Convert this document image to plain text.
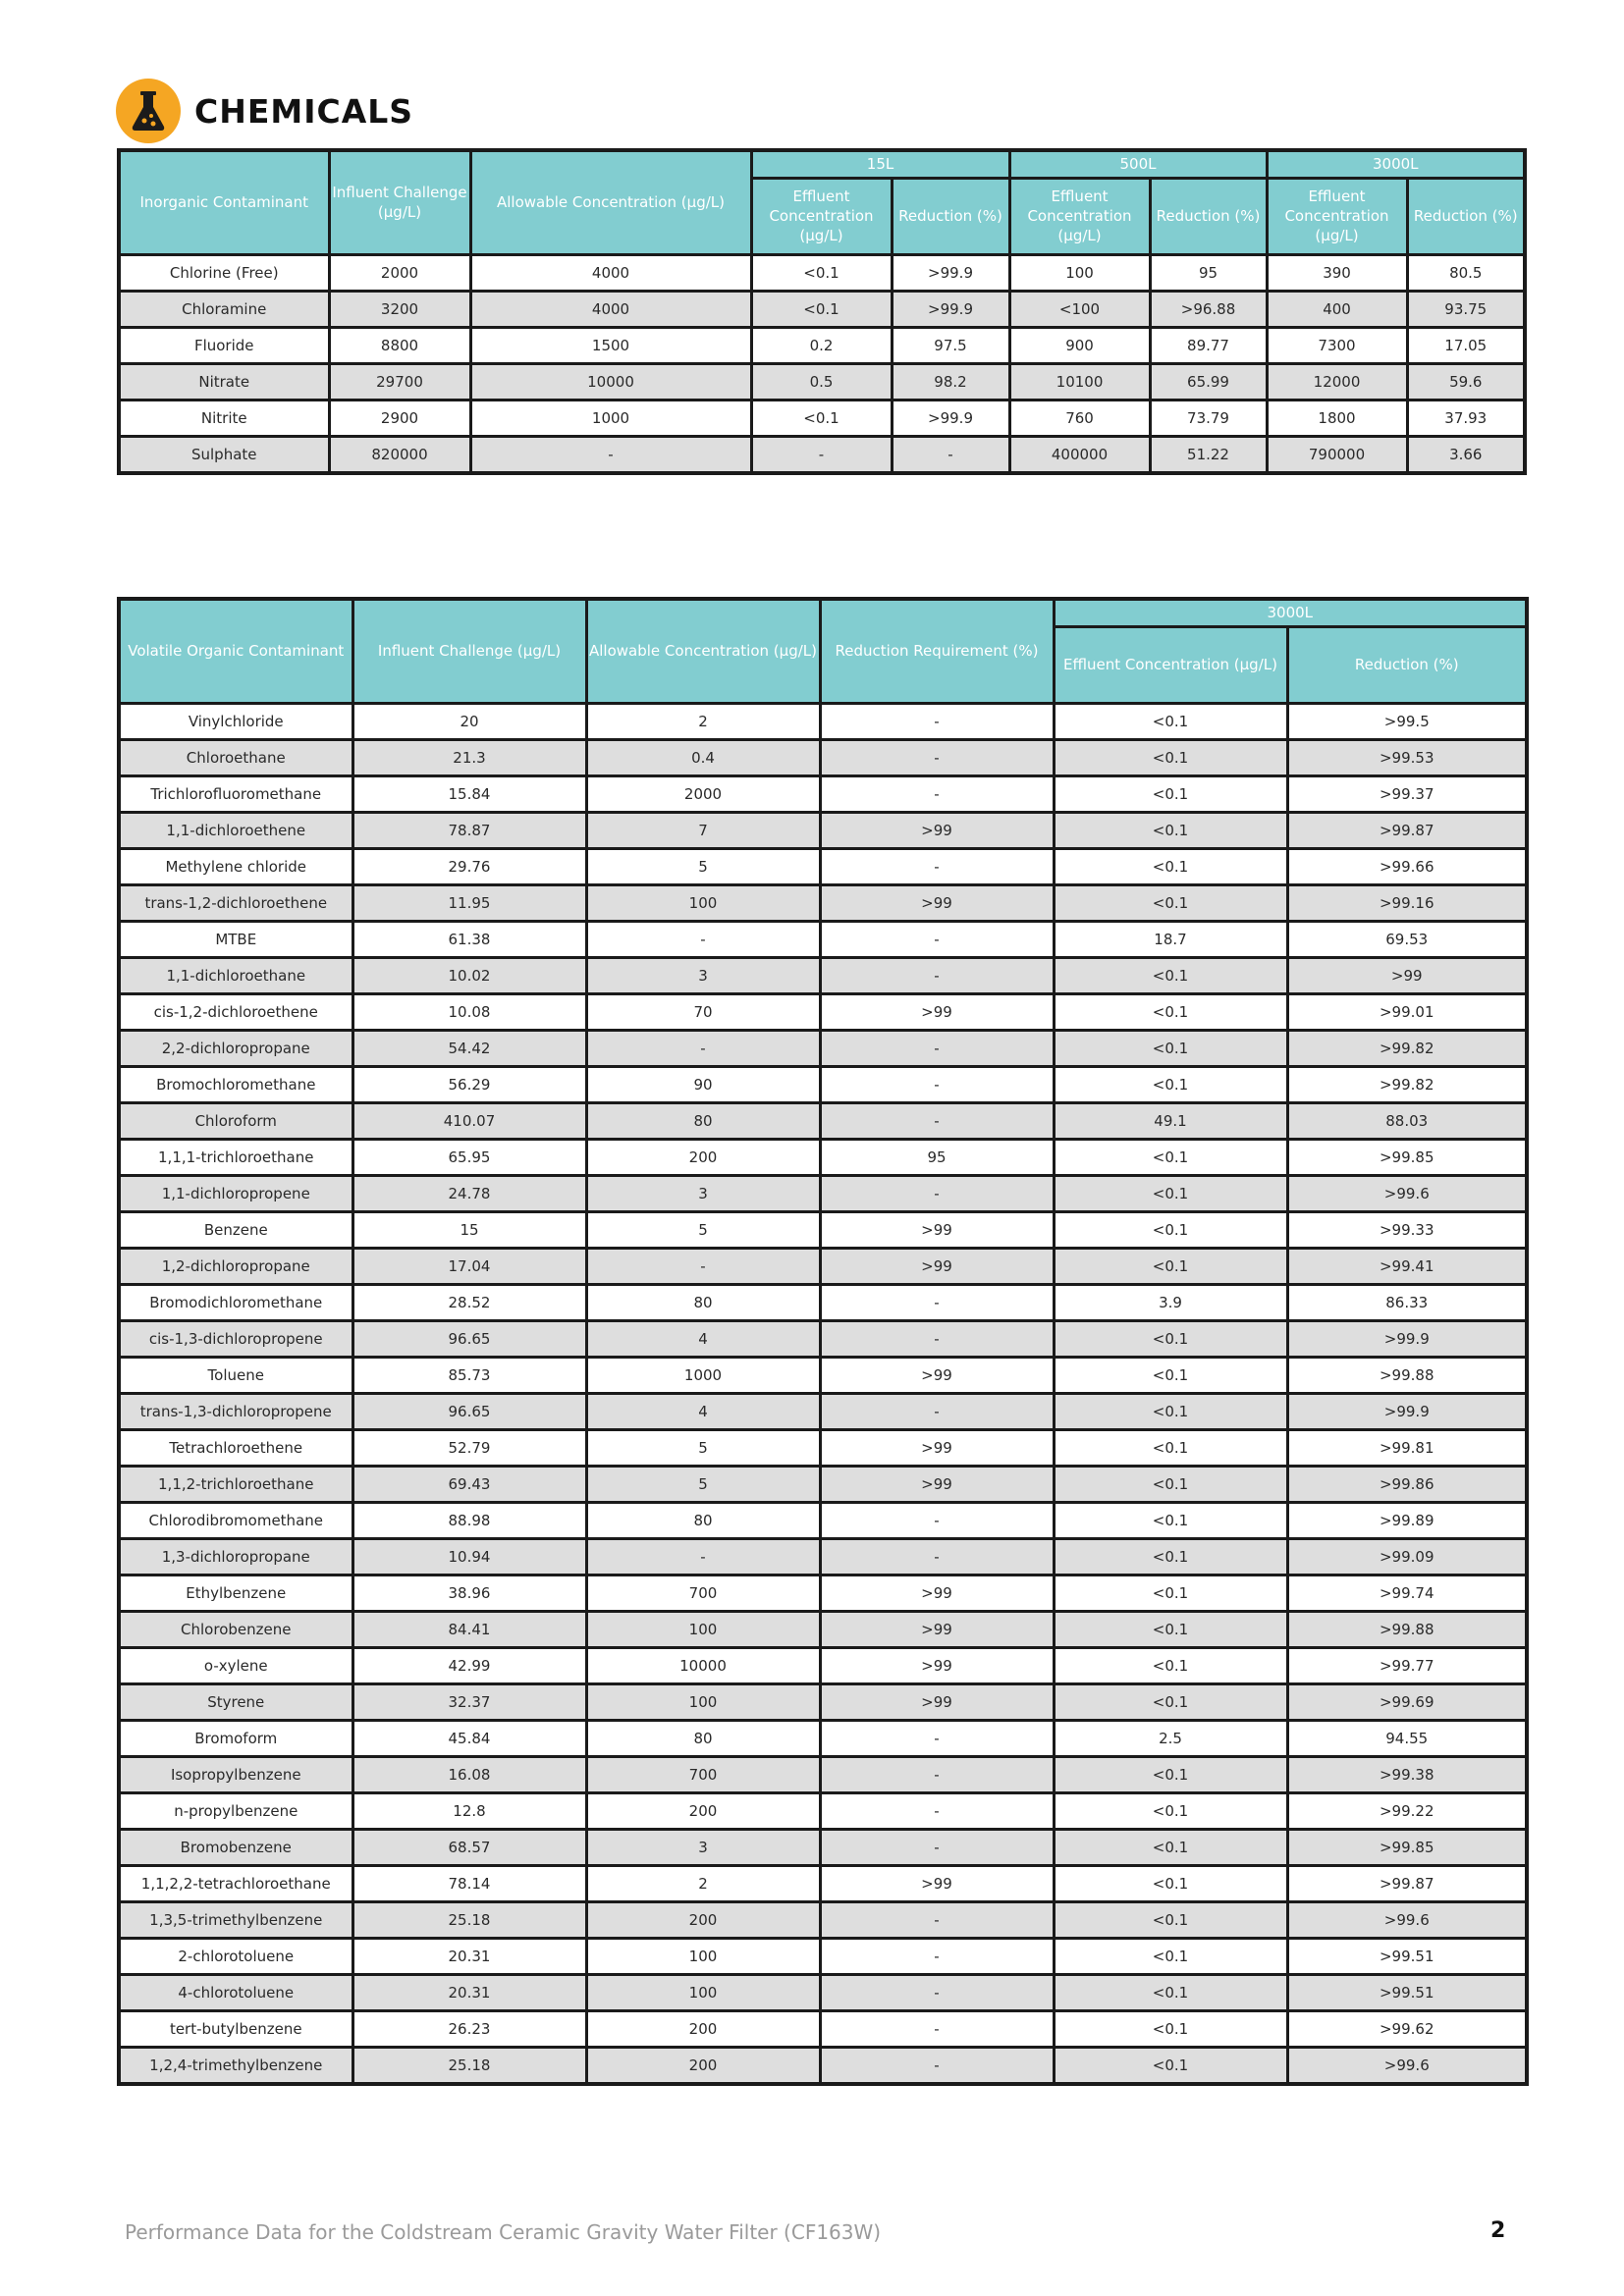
CHEMICALS
Inorganic Contaminant	Influent Challenge (µg/L)	Allowable Concentration (µg/L)	15L		500L		3000L	
			Effluent Concentration (µg/L)	Reduction (%)	Effluent Concentration (µg/L)	Reduction (%)	Effluent Concentration (µg/L)	Reduction (%)
Chlorine (Free)	2000	4000	<0.1	>99.9	100	95	390	80.5
Chloramine	3200	4000	<0.1	>99.9	<100	>96.88	400	93.75
Fluoride	8800	1500	0.2	97.5	900	89.77	7300	17.05
Nitrate	29700	10000	0.5	98.2	10100	65.99	12000	59.6
Nitrite	2900	1000	<0.1	>99.9	760	73.79	1800	37.93
Sulphate	820000	-	-	-	400000	51.22	790000	3.66
Volatile Organic Contaminant	Influent Challenge (µg/L)	Allowable Concentration (µg/L)	Reduction Requirement (%)	3000L	
				Effluent Concentration (µg/L)	Reduction (%)
Vinylchloride	20	2	-	<0.1	>99.5
Chloroethane	21.3	0.4	-	<0.1	>99.53
Trichlorofluoromethane	15.84	2000	-	<0.1	>99.37
1,1-dichloroethene	78.87	7	>99	<0.1	>99.87
Methylene chloride	29.76	5	-	<0.1	>99.66
trans-1,2-dichloroethene	11.95	100	>99	<0.1	>99.16
MTBE	61.38	-	-	18.7	69.53
1,1-dichloroethane	10.02	3	-	<0.1	>99
cis-1,2-dichloroethene	10.08	70	>99	<0.1	>99.01
2,2-dichloropropane	54.42	-	-	<0.1	>99.82
Bromochloromethane	56.29	90	-	<0.1	>99.82
Chloroform	410.07	80	-	49.1	88.03
1,1,1-trichloroethane	65.95	200	95	<0.1	>99.85
1,1-dichloropropene	24.78	3	-	<0.1	>99.6
Benzene	15	5	>99	<0.1	>99.33
1,2-dichloropropane	17.04	-	>99	<0.1	>99.41
Bromodichloromethane	28.52	80	-	3.9	86.33
cis-1,3-dichloropropene	96.65	4	-	<0.1	>99.9
Toluene	85.73	1000	>99	<0.1	>99.88
trans-1,3-dichloropropene	96.65	4	-	<0.1	>99.9
Tetrachloroethene	52.79	5	>99	<0.1	>99.81
1,1,2-trichloroethane	69.43	5	>99	<0.1	>99.86
Chlorodibromomethane	88.98	80	-	<0.1	>99.89
1,3-dichloropropane	10.94	-	-	<0.1	>99.09
Ethylbenzene	38.96	700	>99	<0.1	>99.74
Chlorobenzene	84.41	100	>99	<0.1	>99.88
o-xylene	42.99	10000	>99	<0.1	>99.77
Styrene	32.37	100	>99	<0.1	>99.69
Bromoform	45.84	80	-	2.5	94.55
Isopropylbenzene	16.08	700	-	<0.1	>99.38
n-propylbenzene	12.8	200	-	<0.1	>99.22
Bromobenzene	68.57	3	-	<0.1	>99.85
1,1,2,2-tetrachloroethane	78.14	2	>99	<0.1	>99.87
1,3,5-trimethylbenzene	25.18	200	-	<0.1	>99.6
2-chlorotoluene	20.31	100	-	<0.1	>99.51
4-chlorotoluene	20.31	100	-	<0.1	>99.51
tert-butylbenzene	26.23	200	-	<0.1	>99.62
1,2,4-trimethylbenzene	25.18	200	-	<0.1	>99.6
Performance Data for the Coldstream Ceramic Gravity Water Filter (CF163W)	2
